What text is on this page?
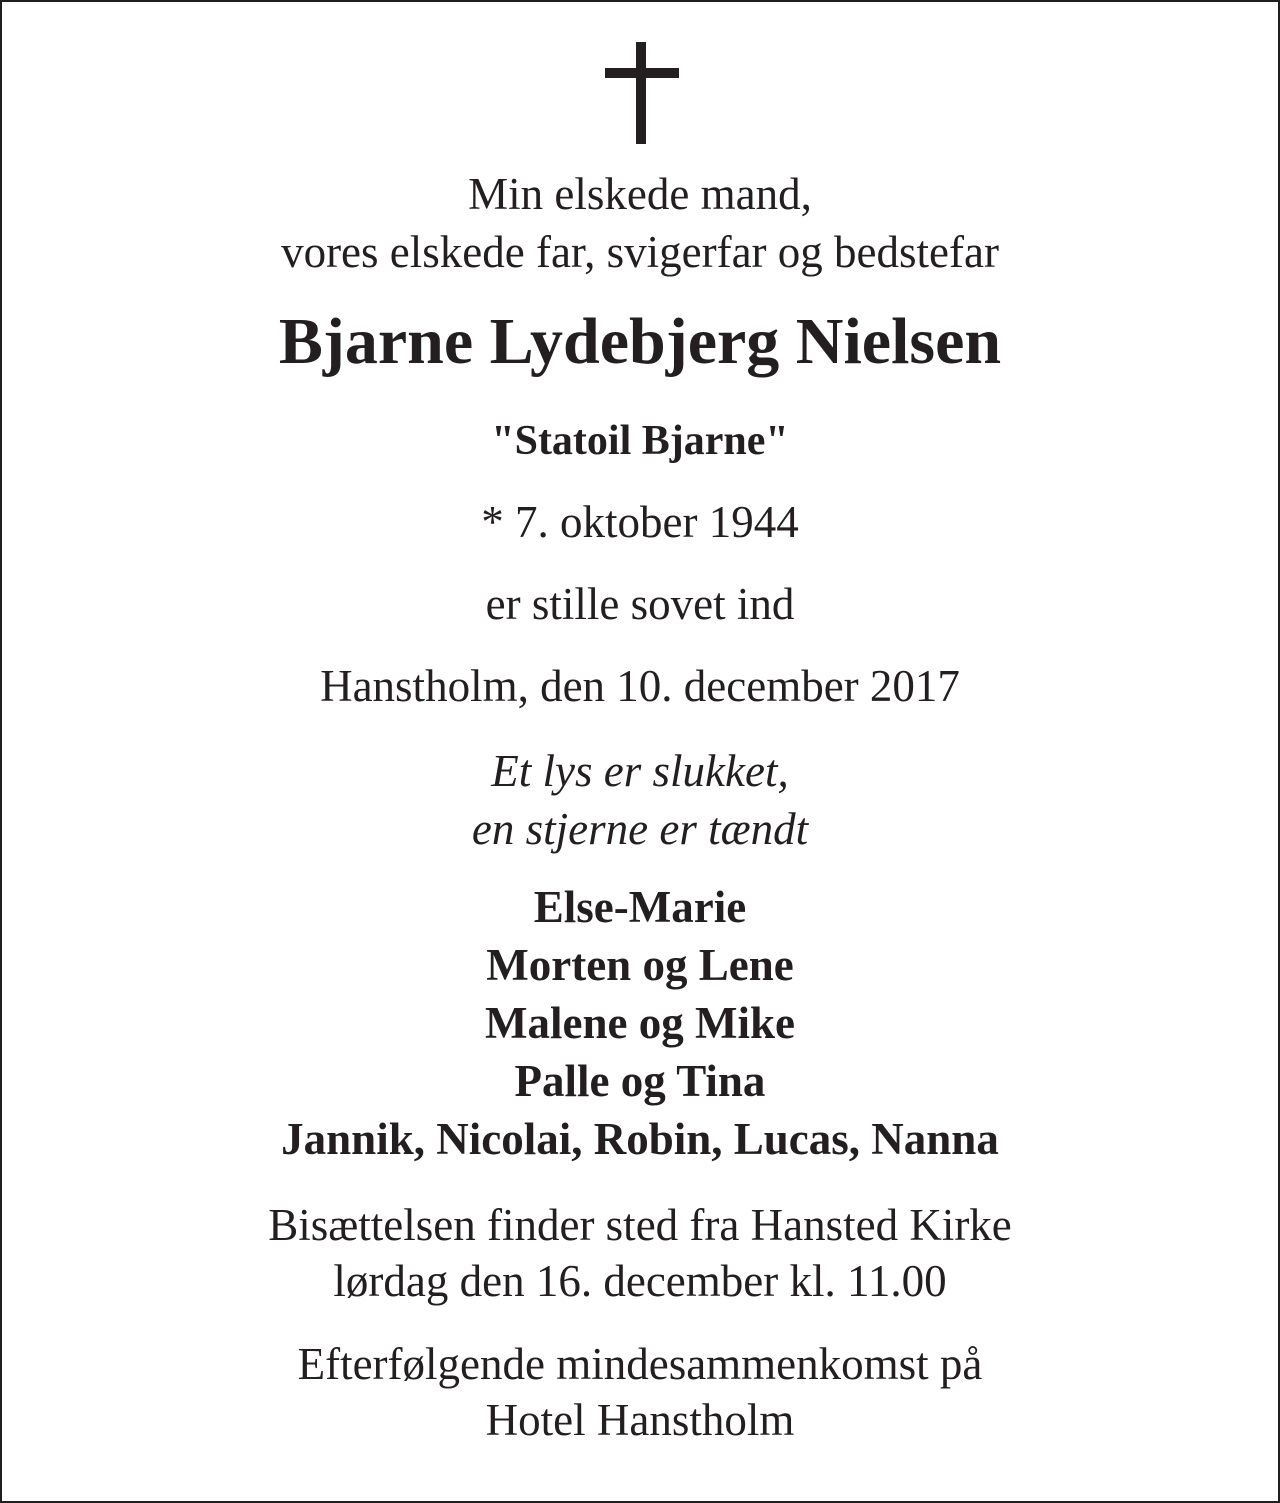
Min elskede mand,
vores elskede far, svigerfar og bedstefar
Bjarne Lydebjerg Nielsen
"Statoil Bjarne"
* 7. oktober 1944
er stille sovet ind
Hanstholm, den 10. december 2017
Et lys er slukket,
en stjerne er tændt
Else-Marie
Morten og Lene
Malene og Mike
Palle og Tina
Jannik, Nicolai, Robin, Lucas, Nanna
Bisættelsen finder sted fra Hansted Kirke
lørdag den 16. december kl. 11.00
Efterfølgende mindesammenkomst på
Hotel Hanstholm
